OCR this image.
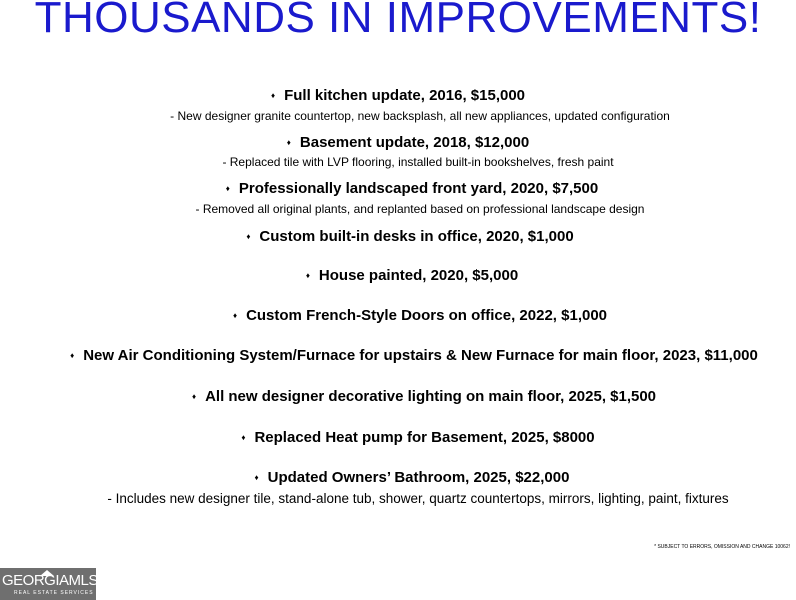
THOUSANDS IN IMPROVEMENTS!
♦ Full kitchen update, 2016, $15,000
- New designer granite countertop, new backsplash, all new appliances, updated configuration
♦ Basement update, 2018, $12,000
- Replaced tile with LVP flooring, installed built-in bookshelves, fresh paint
♦ Professionally landscaped front yard, 2020, $7,500
- Removed all original plants, and replanted based on professional landscape design
♦ Custom built-in desks in office, 2020, $1,000
♦ House painted, 2020, $5,000
♦ Custom French-Style Doors on office, 2022, $1,000
♦ New Air Conditioning System/Furnace for upstairs & New Furnace for main floor, 2023, $11,000
♦ All new designer decorative lighting on main floor, 2025, $1,500
♦ Replaced Heat pump for Basement, 2025, $8000
♦ Updated Owners’ Bathroom, 2025, $22,000
- Includes new designer tile, stand-alone tub, shower, quartz countertops, mirrors, lighting, paint, fixtures
* SUBJECT TO ERRORS, OMISSION AND CHANGE 10062!
GEORGIAMLS
REAL ESTATE SERVICES
